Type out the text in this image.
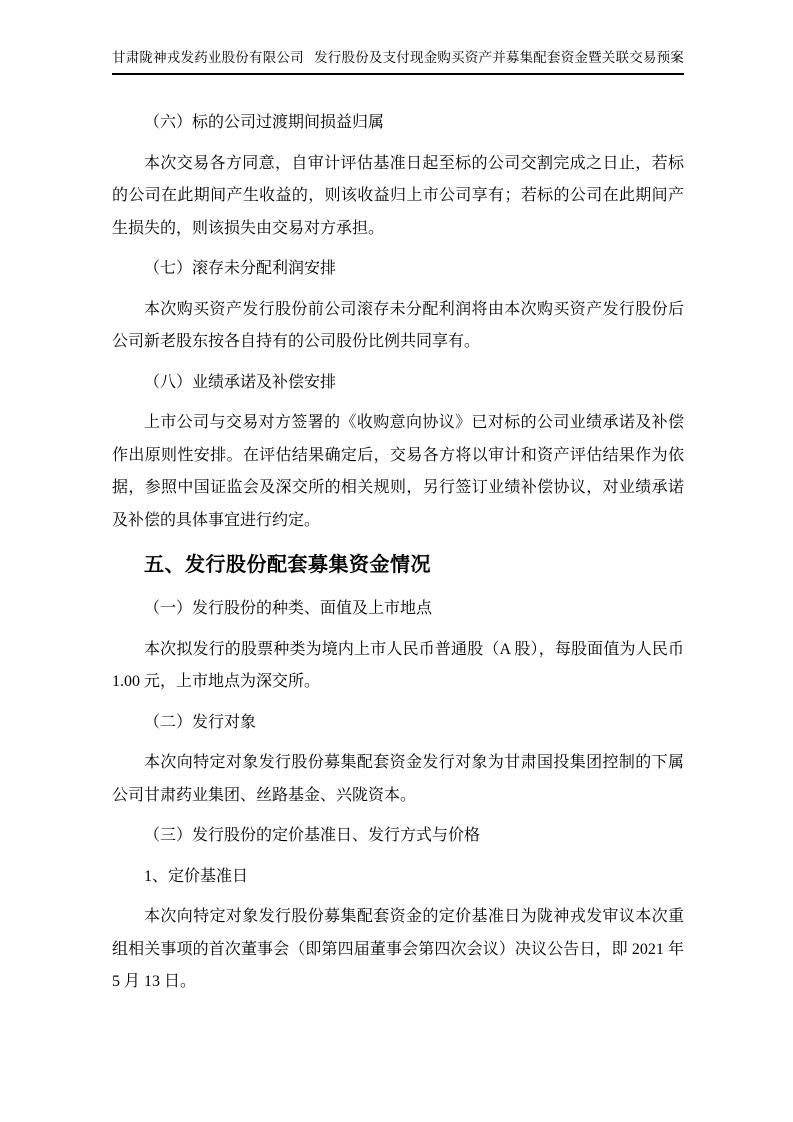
甘肃陇神戎发药业股份有限公司 发行股份及支付现金购买资产并募集配套资金暨关联交易预案
（六）标的公司过渡期间损益归属
本次交易各方同意，自审计评估基准日起至标的公司交割完成之日止，若标的公司在此期间产生收益的，则该收益归上市公司享有；若标的公司在此期间产生损失的，则该损失由交易对方承担。
（七）滚存未分配利润安排
本次购买资产发行股份前公司滚存未分配利润将由本次购买资产发行股份后公司新老股东按各自持有的公司股份比例共同享有。
（八）业绩承诺及补偿安排
上市公司与交易对方签署的《收购意向协议》已对标的公司业绩承诺及补偿作出原则性安排。在评估结果确定后，交易各方将以审计和资产评估结果作为依据，参照中国证监会及深交所的相关规则，另行签订业绩补偿协议，对业绩承诺及补偿的具体事宜进行约定。
五、发行股份配套募集资金情况
（一）发行股份的种类、面值及上市地点
本次拟发行的股票种类为境内上市人民币普通股（A 股），每股面值为人民币 1.00 元，上市地点为深交所。
（二）发行对象
本次向特定对象发行股份募集配套资金发行对象为甘肃国投集团控制的下属公司甘肃药业集团、丝路基金、兴陇资本。
（三）发行股份的定价基准日、发行方式与价格
1、定价基准日
本次向特定对象发行股份募集配套资金的定价基准日为陇神戎发审议本次重组相关事项的首次董事会（即第四届董事会第四次会议）决议公告日，即 2021 年 5 月 13 日。
